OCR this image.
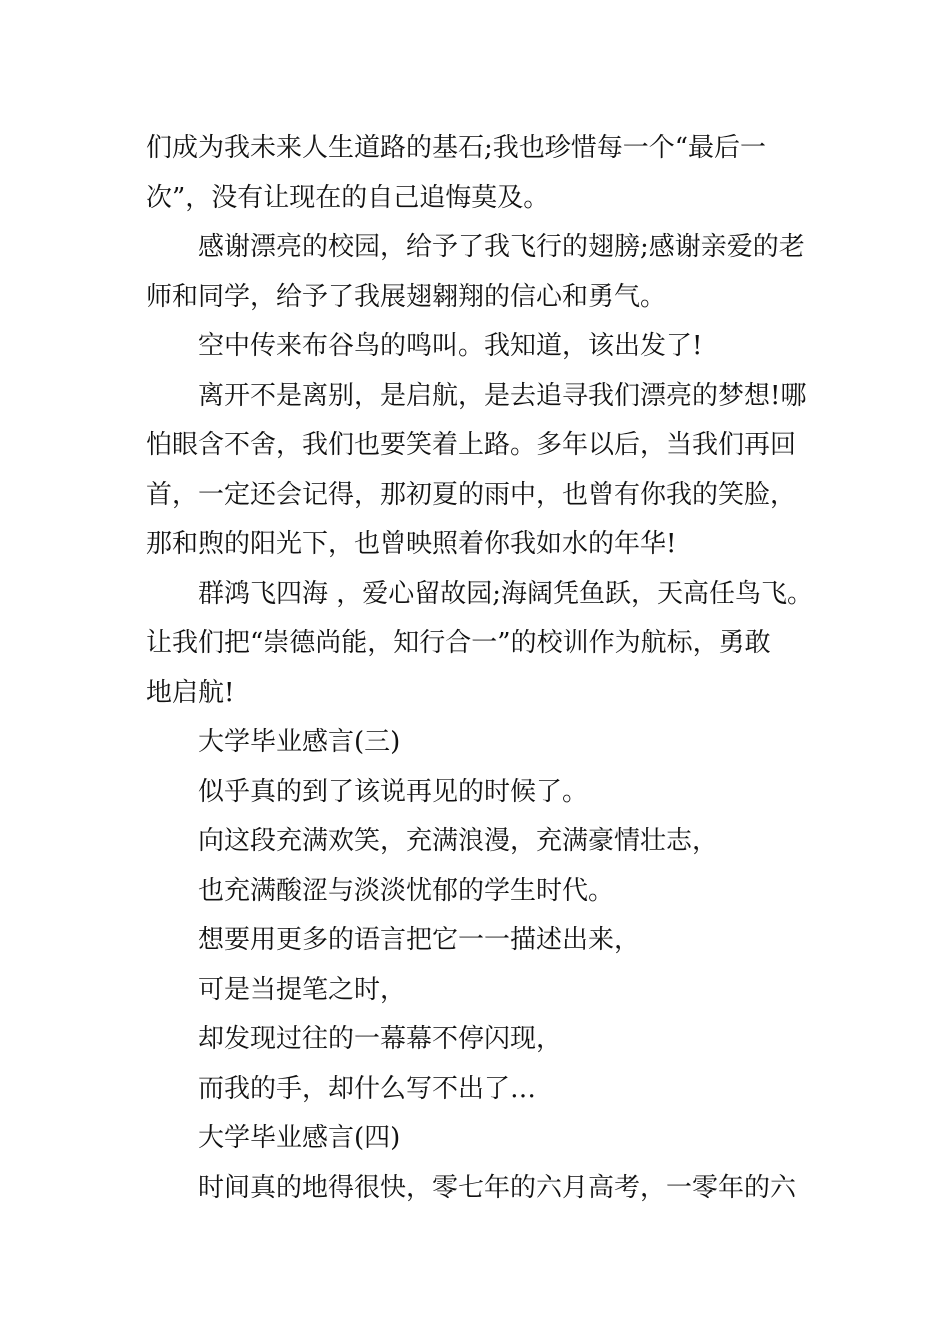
们成为我未来人生道路的基石;我也珍惜每一个“最后一
次”，没有让现在的自己追悔莫及。
感谢漂亮的校园，给予了我飞行的翅膀;感谢亲爱的老
师和同学，给予了我展翅翱翔的信心和勇气。
空中传来布谷鸟的鸣叫。我知道，该出发了!
离开不是离别，是启航，是去追寻我们漂亮的梦想!哪
怕眼含不舍，我们也要笑着上路。多年以后，当我们再回
首，一定还会记得，那初夏的雨中，也曾有你我的笑脸，
那和煦的阳光下，也曾映照着你我如水的年华!
群鸿飞四海 ，爱心留故园;海阔凭鱼跃，天高任鸟飞。
让我们把“崇德尚能，知行合一”的校训作为航标，勇敢
地启航!
大学毕业感言(三)
似乎真的到了该说再见的时候了。
向这段充满欢笑，充满浪漫，充满豪情壮志，
也充满酸涩与淡淡忧郁的学生时代。
想要用更多的语言把它一一描述出来，
可是当提笔之时，
却发现过往的一幕幕不停闪现，
而我的手，却什么写不出了…
大学毕业感言(四)
时间真的地得很快，零七年的六月高考，一零年的六
